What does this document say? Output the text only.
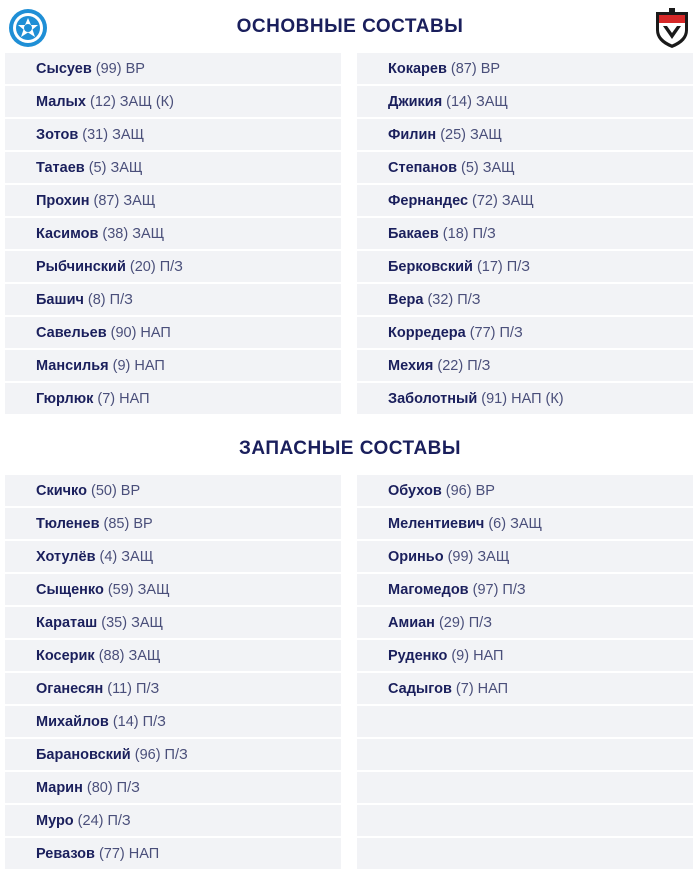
ОСНОВНЫЕ СОСТАВЫ
Сысуев (99) ВР
Малых (12) ЗАЩ (К)
Зотов (31) ЗАЩ
Татаев (5) ЗАЩ
Прохин (87) ЗАЩ
Касимов (38) ЗАЩ
Рыбчинский (20) П/З
Башич (8) П/З
Савельев (90) НАП
Мансилья (9) НАП
Гюрлюк (7) НАП
Кокарев (87) ВР
Джикия (14) ЗАЩ
Филин (25) ЗАЩ
Степанов (5) ЗАЩ
Фернандес (72) ЗАЩ
Бакаев (18) П/З
Берковский (17) П/З
Вера (32) П/З
Корредера (77) П/З
Мехия (22) П/З
Заболотный (91) НАП (К)
ЗАПАСНЫЕ СОСТАВЫ
Скичко (50) ВР
Тюленев (85) ВР
Хотулёв (4) ЗАЩ
Сыщенко (59) ЗАЩ
Караташ (35) ЗАЩ
Косерик (88) ЗАЩ
Оганесян (11) П/З
Михайлов (14) П/З
Барановский (96) П/З
Марин (80) П/З
Муро (24) П/З
Ревазов (77) НАП
Обухов (96) ВР
Мелентиевич (6) ЗАЩ
Ориньо (99) ЗАЩ
Магомедов (97) П/З
Амиан (29) П/З
Руденко (9) НАП
Садыгов (7) НАП
